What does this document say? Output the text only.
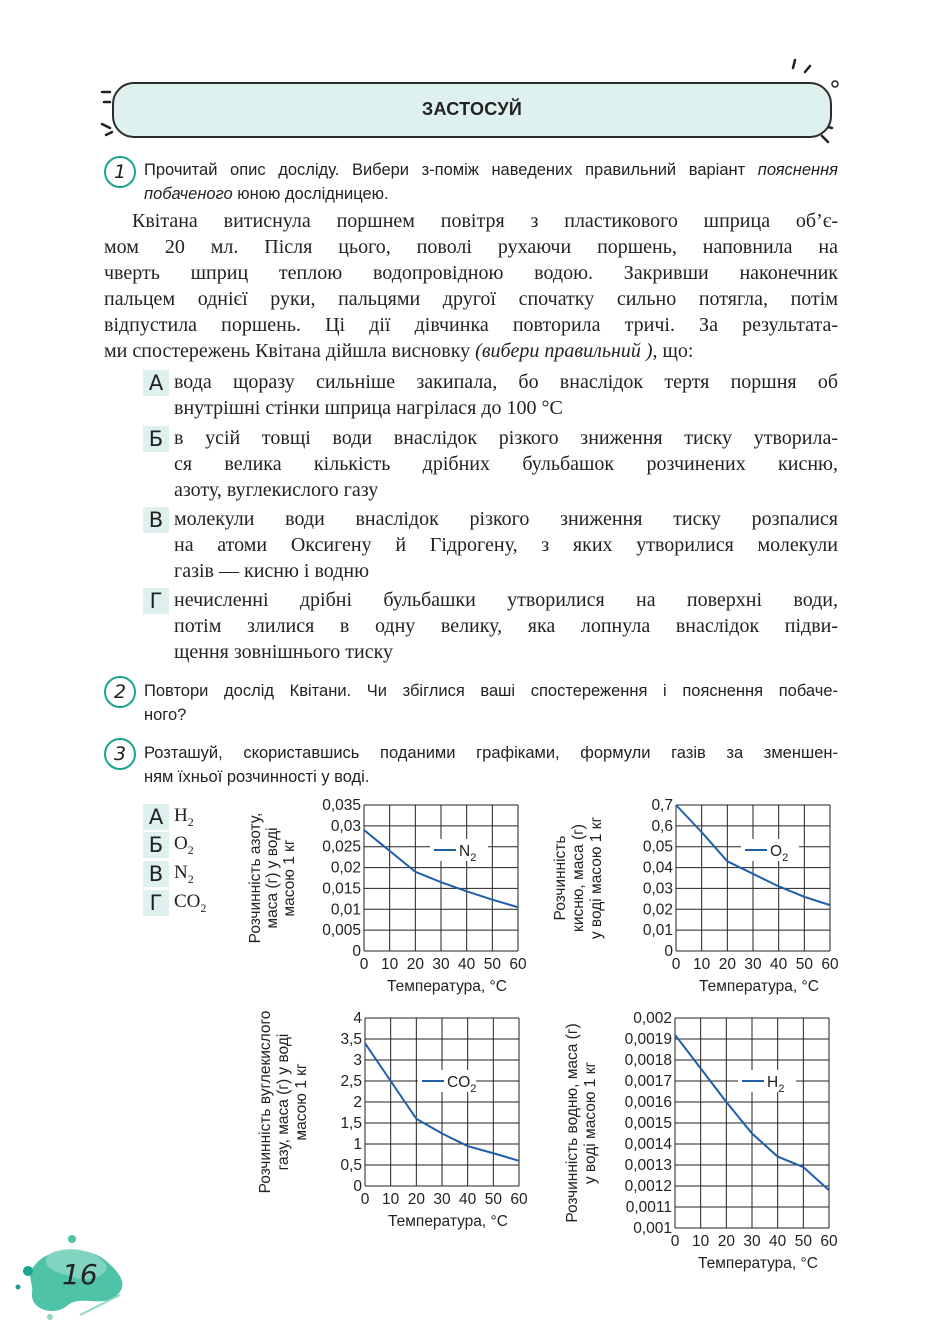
ЗАСТОСУЙ
1 Прочитай опис досліду. Вибери з-поміж наведених правильний варіант пояснення побаченого юною дослідницею.
Квітана витиснула поршнем повітря з пластикового шприца об’є-
мом 20 мл. Після цього, поволі рухаючи поршень, наповнила на
чверть шприц теплою водопровідною водою. Закривши наконечник
пальцем однієї руки, пальцями другої спочатку сильно потягла, потім
відпустила поршень. Ці дії дівчинка повторила тричі. За результата-
ми спостережень Квітана дійшла висновку (вибери правильний ), що:
А вода щоразу сильніше закипала, бо внаслідок тертя поршня об
внутрішні стінки шприца нагрілася до 100 °С
Б в усій товщі води внаслідок різкого зниження тиску утворила-
ся велика кількість дрібних бульбашок розчинених кисню,
азоту, вуглекислого газу
В молекули води внаслідок різкого зниження тиску розпалися
на атоми Оксигену й Гідрогену, з яких утворилися молекули
газів — кисню і водню
Г нечисленні дрібні бульбашки утворилися на поверхні води,
потім злилися в одну велику, яка лопнула внаслідок підви-
щення зовнішнього тиску
2 Повтори дослід Квітани. Чи збіглися ваші спостереження і пояснення побаче-
ного?
3 Розташуй, скориставшись поданими графіками, формули газів за зменшен-
ням їхньої розчинності у воді.
А $H_2$
Б $O_2$
В $N_2$
Г $CO_2$
0
0,005
0,01
0,015
0,02
0,025
0,03
0,035
0 10 20 30 40 50 60
Температура, °С
Розчинність азоту, маса (г) у воді масою 1 кг	$N_2$
0
0,01
0,02
0,03
0,04
0,05
0,6
0,7
0 10 20 30 40 50 60
Температура, °С
Розчинність кисню, маса (г) у воді масою 1 кг	$O_2$
0
0,5
1
1,5
2
2,5
3
3,5
4
0 10 20 30 40 50 60
Температура, °С
Розчинність вуглекислого газу, маса (г) у воді масою 1 кг	$CO_2$
0,001
0,0011
0,0012
0,0013
0,0014
0,0015
0,0016
0,0017
0,0018
0,0019
0,002
0 10 20 30 40 50 60
Температура, °С
Розчинність водню, маса (г) у воді масою 1 кг	$H_2$
16
